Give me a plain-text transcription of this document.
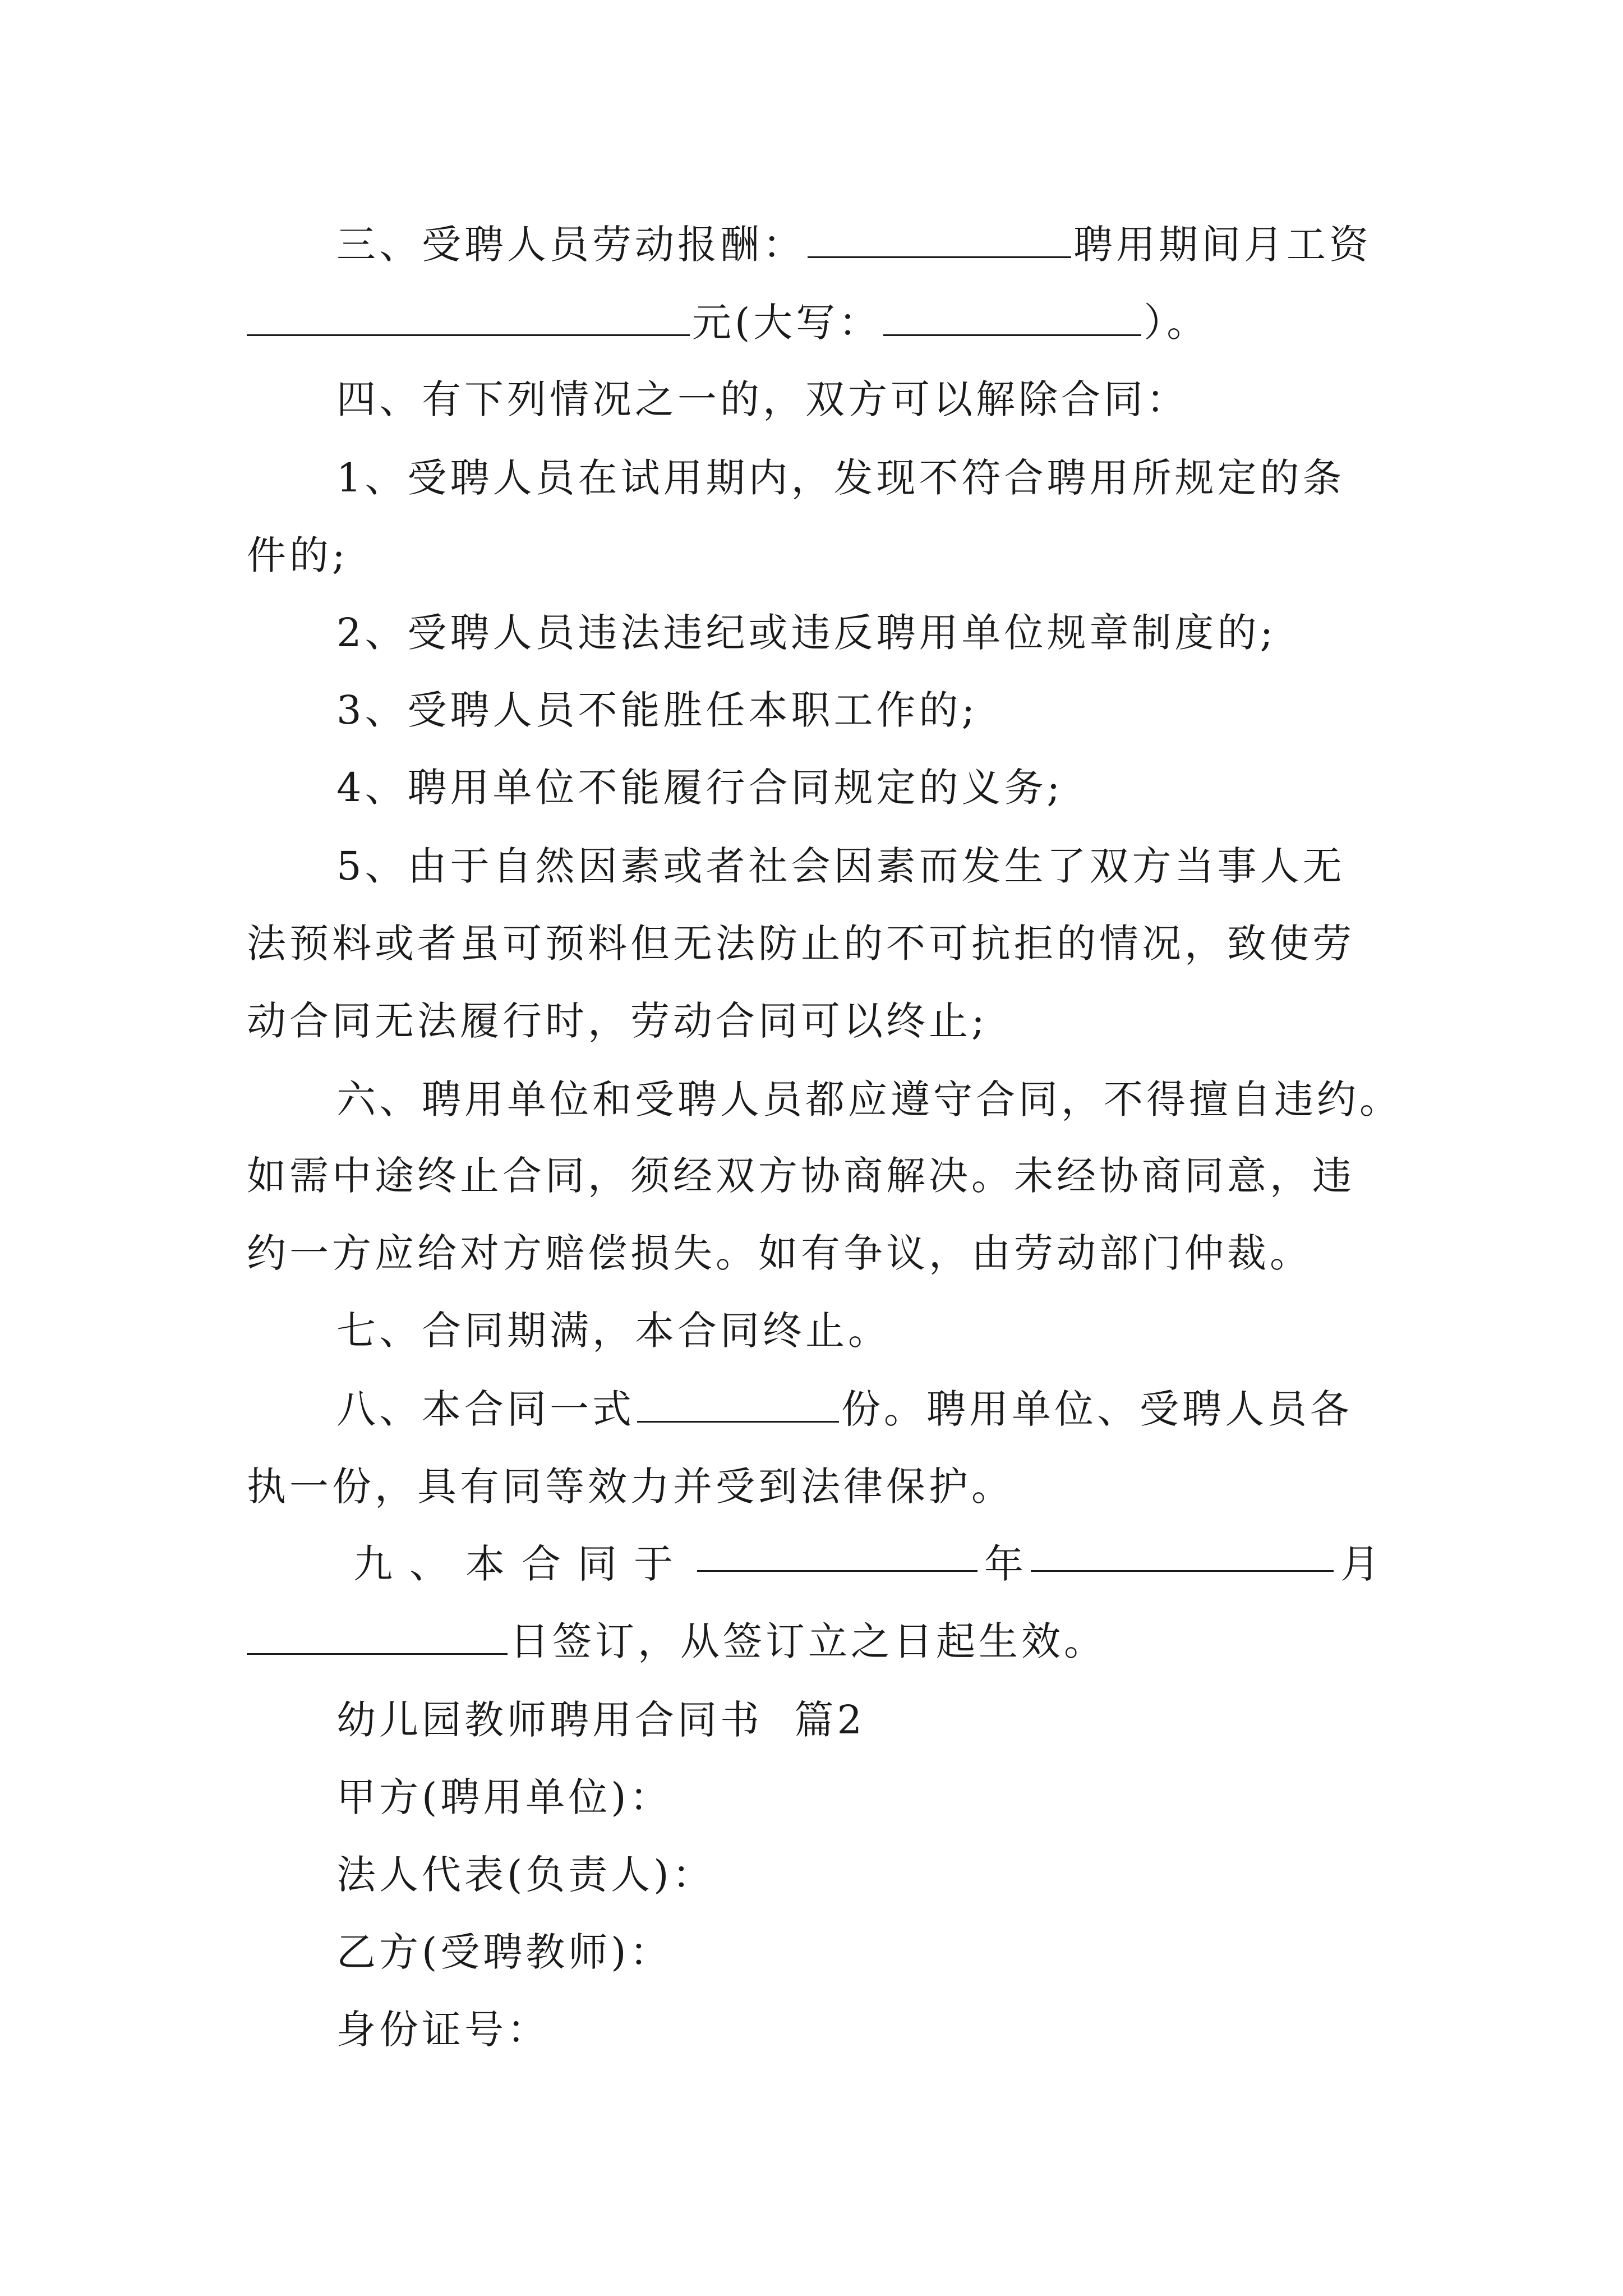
三、受聘人员劳动报酬：	聘用期间月工资
元(大写：	）。
四、有下列情况之一的，双方可以解除合同：
1、受聘人员在试用期内，发现不符合聘用所规定的条
件的;
2、受聘人员违法违纪或违反聘用单位规章制度的;
3、受聘人员不能胜任本职工作的;
4、聘用单位不能履行合同规定的义务;
5、由于自然因素或者社会因素而发生了双方当事人无
法预料或者虽可预料但无法防止的不可抗拒的情况，致使劳
动合同无法履行时，劳动合同可以终止;
六、聘用单位和受聘人员都应遵守合同，不得擅自违约。
如需中途终止合同，须经双方协商解决。未经协商同意，违
约一方应给对方赔偿损失。如有争议，由劳动部门仲裁。
七、合同期满，本合同终止。
八、本合同一式	份。聘用单位、受聘人员各
执一份，具有同等效力并受到法律保护。
九、本合同于	年	月
日签订，从签订立之日起生效。
幼儿园教师聘用合同书  篇2
甲方(聘用单位)：
法人代表(负责人)：
乙方(受聘教师)：
身份证号：
